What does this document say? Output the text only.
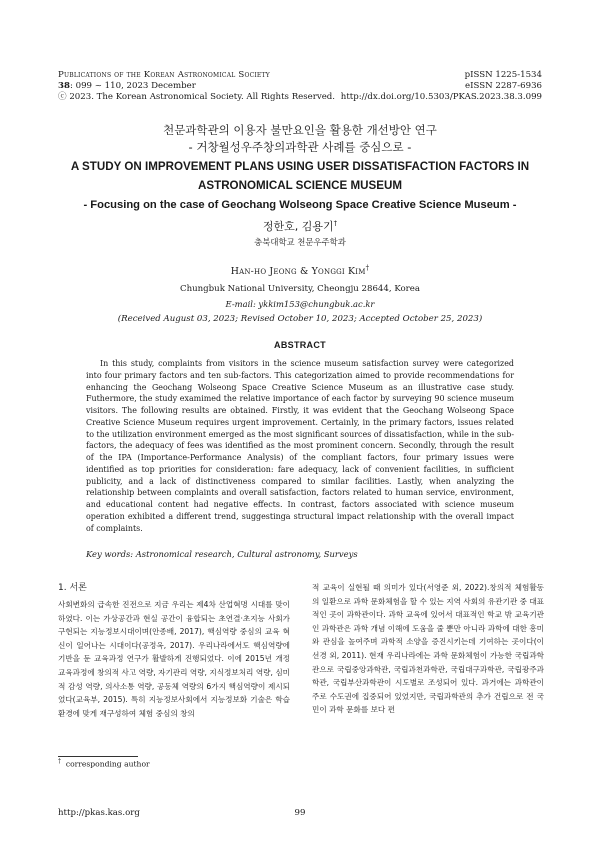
Publications of the Korean Astronomical Society
38: 099 ~ 110, 2023 December
ⓒ 2023. The Korean Astronomical Society. All Rights Reserved.
pISSN 1225-1534
eISSN 2287-6936
http://dx.doi.org/10.5303/PKAS.2023.38.3.099
천문과학관의 이용자 불만요인을 활용한 개선방안 연구
- 거창월성우주창의과학관 사례를 중심으로 -
A STUDY ON IMPROVEMENT PLANS USING USER DISSATISFACTION FACTORS IN
ASTRONOMICAL SCIENCE MUSEUM
- Focusing on the case of Geochang Wolseong Space Creative Science Museum -
정한호, 김용기†
충북대학교 천문우주학과
Han-ho Jeong & Yonggi Kim†
Chungbuk National University, Cheongju 28644, Korea
E-mail: ykkim153@chungbuk.ac.kr
(Received August 03, 2023; Revised October 10, 2023; Accepted October 25, 2023)
ABSTRACT

In this study, complaints from visitors in the science museum satisfaction survey were categorized into four primary factors and ten sub-factors. This categorization aimed to provide recommendations for enhancing the Geochang Wolseong Space Creative Science Museum as an illustrative case study. Futhermore, the study examimed the relative importance of each factor by surveying 90 science museum visitors. The following results are obtained. Firstly, it was evident that the Geochang Wolseong Space Creative Science Museum requires urgent improvement. Certainly, in the primary factors, issues related to the utilization environment emerged as the most significant sources of dissatisfaction, while in the sub-factors, the adequacy of fees was identified as the most prominent concern. Secondly, through the result of the IPA (Importance-Performance Analysis) of the compliant factors, four primary issues were identified as top priorities for consideration: fare adequacy, lack of convenient facilities, in sufficient publicity, and a lack of distinctiveness compared to similar facilities. Lastly, when analyzing the relationship between complaints and overall satisfaction, factors related to human service, environment, and educational content had negative effects. In contrast, factors associated with science museum operation exhibited a different trend, suggestinga structural impact relationship with the overall impact of complaints.

Key words: Astronomical research, Cultural astronomy, Surveys
1. 서론

사회변화의 급속한 진전으로 지금 우리는 제4차 산업혁명 시대를 맞이하였다. 이는 가상공간과 현실 공간이 융합되는 초연결·초지능 사회가 구현되는 지능정보시대이며(안종배, 2017), 핵심역량 중심의 교육 혁신이 일어나는 시대이다(공정옥, 2017). 우리나라에서도 핵심역량에 기반을 둔 교육과정 연구가 활발하게 진행되었다. 이에 2015년 개정 교육과정에 창의적 사고 역량, 자기관리 역량, 지식정보처리 역량, 심미적 감성 역량, 의사소통 역량, 공동체 역량의 6가지 핵심역량이 제시되었다(교육부, 2015). 특히 지능정보사회에서 지능정보화 기술은 학습 환경에 맞게 재구성하여 체험 중심의 창의

적 교육이 실현될 때 의미가 있다(서영준 외, 2022).창의적 체험활동의 일환으로 과학 문화체험을 할 수 있는 지역 사회의 유관기관 중 대표적인 곳이 과학관이다. 과학 교육에 있어서 대표적인 학교 밖 교육기관인 과학관은 과학 개념 이해에 도움을 줄 뿐만 아니라 과학에 대한 흥미와 관심을 높여주며 과학적 소양을 증진시키는데 기여하는 곳이다(이선경 외, 2011). 현재 우리나라에는 과학 문화체험이 가능한 국립과학관으로 국립중앙과학관, 국립과천과학관, 국립대구과학관, 국립광주과학관, 국립부산과학관이 시도별로 조성되어 있다. 과거에는 과학관이 주로 수도권에 집중되어 있었지만, 국립과학관의 추가 건립으로 전 국민이 과학 문화를 보다 편

† corresponding author
http://pkas.kas.org	99
